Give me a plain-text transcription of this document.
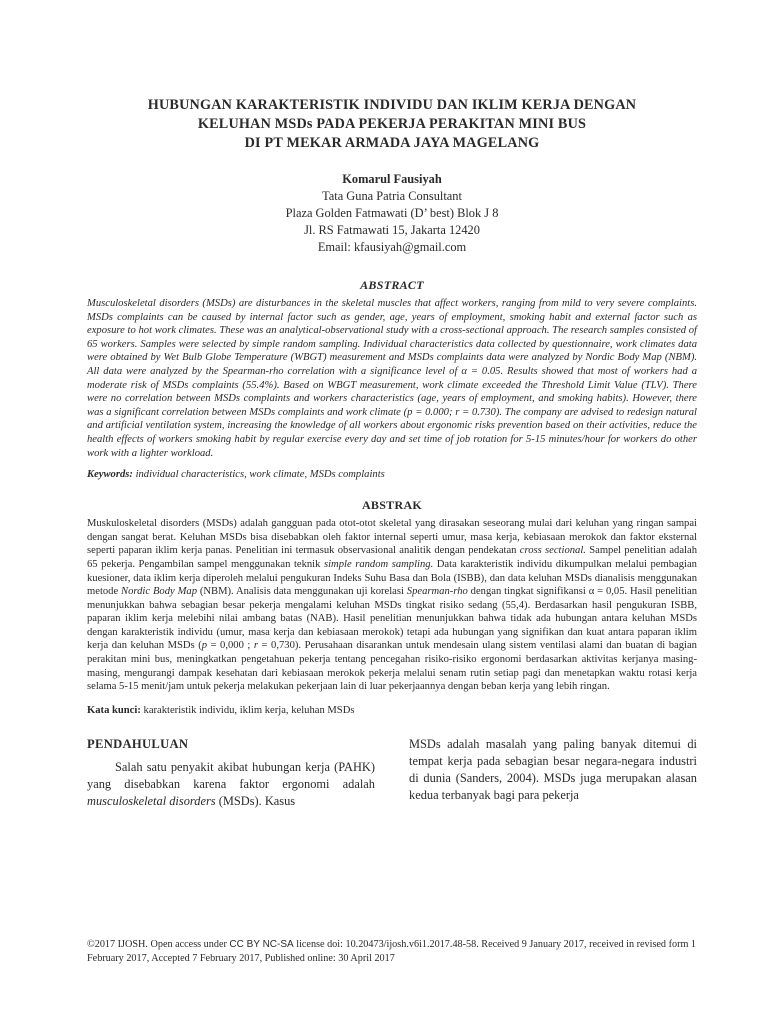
HUBUNGAN KARAKTERISTIK INDIVIDU DAN IKLIM KERJA DENGAN
KELUHAN MSDs PADA PEKERJA PERAKITAN MINI BUS
DI PT MEKAR ARMADA JAYA MAGELANG
Komarul Fausiyah
Tata Guna Patria Consultant
Plaza Golden Fatmawati (D’ best) Blok J 8
Jl. RS Fatmawati 15, Jakarta 12420
Email: kfausiyah@gmail.com
ABSTRACT
Musculoskeletal disorders (MSDs) are disturbances in the skeletal muscles that affect workers, ranging from mild to very severe complaints. MSDs complaints can be caused by internal factor such as gender, age, years of employment, smoking habit and external factor such as exposure to hot work climates. These was an analytical-observational study with a cross-sectional approach. The research samples consisted of 65 workers. Samples were selected by simple random sampling. Individual characteristics data collected by questionnaire, work climates data were obtained by Wet Bulb Globe Temperature (WBGT) measurement and MSDs complaints data were analyzed by Nordic Body Map (NBM). All data were analyzed by the Spearman-rho correlation with a significance level of α = 0.05. Results showed that most of workers had a moderate risk of MSDs complaints (55.4%). Based on WBGT measurement, work climate exceeded the Threshold Limit Value (TLV). There were no correlation between MSDs complaints and workers characteristics (age, years of employment, and smoking habits). However, there was a significant correlation between MSDs complaints and work climate (p = 0.000; r = 0.730). The company are advised to redesign natural and artificial ventilation system, increasing the knowledge of all workers about ergonomic risks prevention based on their activities, reduce the health effects of workers smoking habit by regular exercise every day and set time of job rotation for 5-15 minutes/hour for workers do other work with a lighter workload.
Keywords: individual characteristics, work climate, MSDs complaints
ABSTRAK
Muskuloskeletal disorders (MSDs) adalah gangguan pada otot-otot skeletal yang dirasakan seseorang mulai dari keluhan yang ringan sampai dengan sangat berat. Keluhan MSDs bisa disebabkan oleh faktor internal seperti umur, masa kerja, kebiasaan merokok dan faktor eksternal seperti paparan iklim kerja panas. Penelitian ini termasuk observasional analitik dengan pendekatan cross sectional. Sampel penelitian adalah 65 pekerja. Pengambilan sampel menggunakan teknik simple random sampling. Data karakteristik individu dikumpulkan melalui pembagian kuesioner, data iklim kerja diperoleh melalui pengukuran Indeks Suhu Basa dan Bola (ISBB), dan data keluhan MSDs dianalisis menggunakan metode Nordic Body Map (NBM). Analisis data menggunakan uji korelasi Spearman-rho dengan tingkat signifikansi α = 0,05. Hasil penelitian menunjukkan bahwa sebagian besar pekerja mengalami keluhan MSDs tingkat risiko sedang (55,4). Berdasarkan hasil pengukuran ISBB, paparan iklim kerja melebihi nilai ambang batas (NAB). Hasil penelitian menunjukkan bahwa tidak ada hubungan antara keluhan MSDs dengan karakteristik individu (umur, masa kerja dan kebiasaan merokok) tetapi ada hubungan yang signifikan dan kuat antara paparan iklim kerja dan keluhan MSDs (p = 0,000 ; r = 0,730). Perusahaan disarankan untuk mendesain ulang sistem ventilasi alami dan buatan di bagian perakitan mini bus, meningkatkan pengetahuan pekerja tentang pencegahan risiko-risiko ergonomi berdasarkan aktivitas kerjanya masing-masing, mengurangi dampak kesehatan dari kebiasaan merokok pekerja melalui senam rutin setiap pagi dan menetapkan waktu rotasi kerja selama 5-15 menit/jam untuk pekerja melakukan pekerjaan lain di luar pekerjaannya dengan beban kerja yang lebih ringan.
Kata kunci: karakteristik individu, iklim kerja, keluhan MSDs
PENDAHULUAN

Salah satu penyakit akibat hubungan kerja (PAHK) yang disebabkan karena faktor ergonomi adalah musculoskeletal disorders (MSDs). Kasus

MSDs adalah masalah yang paling banyak ditemui di tempat kerja pada sebagian besar negara-negara industri di dunia (Sanders, 2004). MSDs juga merupakan alasan kedua terbanyak bagi para pekerja

©2017 IJOSH. Open access under CC BY NC-SA license doi: 10.20473/ijosh.v6i1.2017.48-58. Received 9 January 2017, received in revised form 1 February 2017, Accepted 7 February 2017, Published online: 30 April 2017
